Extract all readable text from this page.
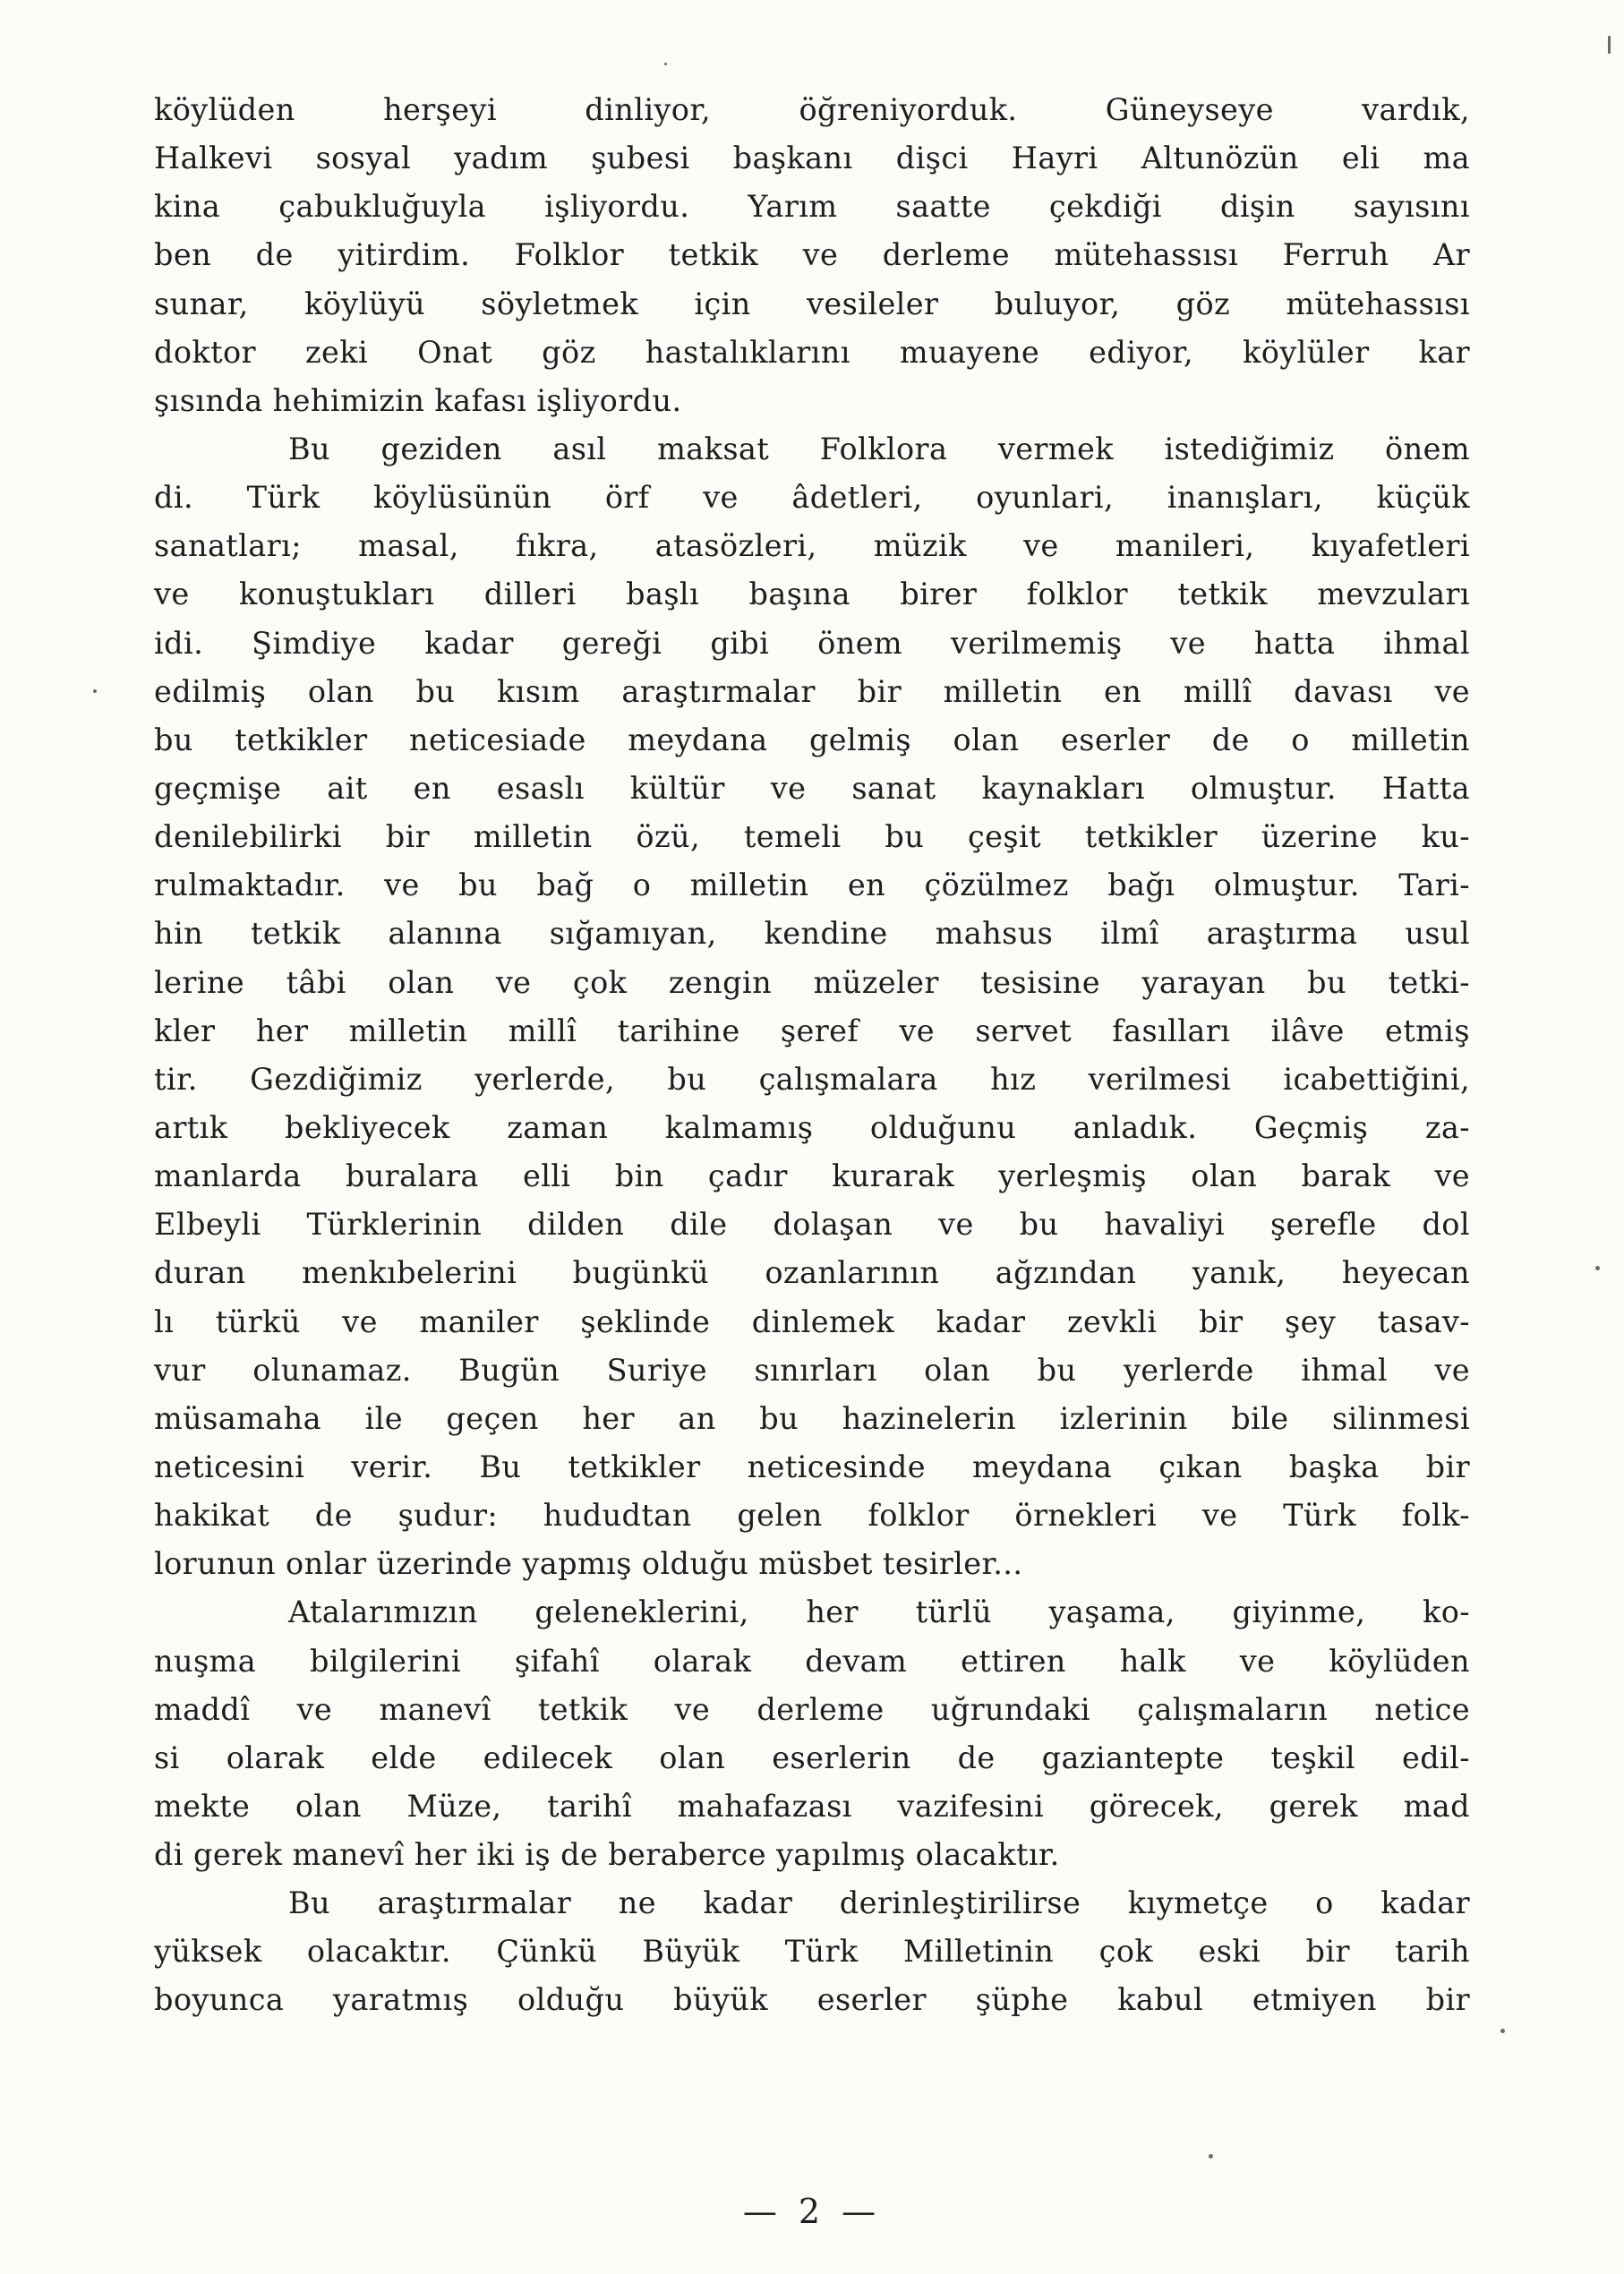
köylüden herşeyi dinliyor, öğreniyorduk. Güneyseye vardık,
Halkevi sosyal yadım şubesi başkanı dişci Hayri Altunözün eli ma
kina çabukluğuyla işliyordu. Yarım saatte çekdiği dişin sayısını
ben de yitirdim. Folklor tetkik ve derleme mütehassısı Ferruh Ar
sunar, köylüyü söyletmek için vesileler buluyor, göz mütehassısı
doktor zeki Onat göz hastalıklarını muayene ediyor, köylüler kar
şısında hehimizin kafası işliyordu.
Bu geziden asıl maksat Folklora vermek istediğimiz önem
di. Türk köylüsünün örf ve âdetleri, oyunlari, inanışları, küçük
sanatları; masal, fıkra, atasözleri, müzik ve manileri, kıyafetleri
ve konuştukları dilleri başlı başına birer folklor tetkik mevzuları
idi. Şimdiye kadar gereği gibi önem verilmemiş ve hatta ihmal
edilmiş olan bu kısım araştırmalar bir milletin en millî davası ve
bu tetkikler neticesiade meydana gelmiş olan eserler de o milletin
geçmişe ait en esaslı kültür ve sanat kaynakları olmuştur. Hatta
denilebilirki bir milletin özü, temeli bu çeşit tetkikler üzerine ku-
rulmaktadır. ve bu bağ o milletin en çözülmez bağı olmuştur. Tari-
hin tetkik alanına sığamıyan, kendine mahsus ilmî araştırma usul
lerine tâbi olan ve çok zengin müzeler tesisine yarayan bu tetki-
kler her milletin millî tarihine şeref ve servet fasılları ilâve etmiş
tir. Gezdiğimiz yerlerde, bu çalışmalara hız verilmesi icabettiğini,
artık bekliyecek zaman kalmamış olduğunu anladık. Geçmiş za-
manlarda buralara elli bin çadır kurarak yerleşmiş olan barak ve
Elbeyli Türklerinin dilden dile dolaşan ve bu havaliyi şerefle dol
duran menkıbelerini bugünkü ozanlarının ağzından yanık, heyecan
lı türkü ve maniler şeklinde dinlemek kadar zevkli bir şey tasav-
vur olunamaz. Bugün Suriye sınırları olan bu yerlerde ihmal ve
müsamaha ile geçen her an bu hazinelerin izlerinin bile silinmesi
neticesini verir. Bu tetkikler neticesinde meydana çıkan başka bir
hakikat de şudur: hududtan gelen folklor örnekleri ve Türk folk-
lorunun onlar üzerinde yapmış olduğu müsbet tesirler...
Atalarımızın geleneklerini, her türlü yaşama, giyinme, ko-
nuşma bilgilerini şifahî olarak devam ettiren halk ve köylüden
maddî ve manevî tetkik ve derleme uğrundaki çalışmaların netice
si olarak elde edilecek olan eserlerin de gaziantepte teşkil edil-
mekte olan Müze, tarihî mahafazası vazifesini görecek, gerek mad
di gerek manevî her iki iş de beraberce yapılmış olacaktır.
Bu araştırmalar ne kadar derinleştirilirse kıymetçe o kadar
yüksek olacaktır. Çünkü Büyük Türk Milletinin çok eski bir tarih
boyunca yaratmış olduğu büyük eserler şüphe kabul etmiyen bir
— 2 —
